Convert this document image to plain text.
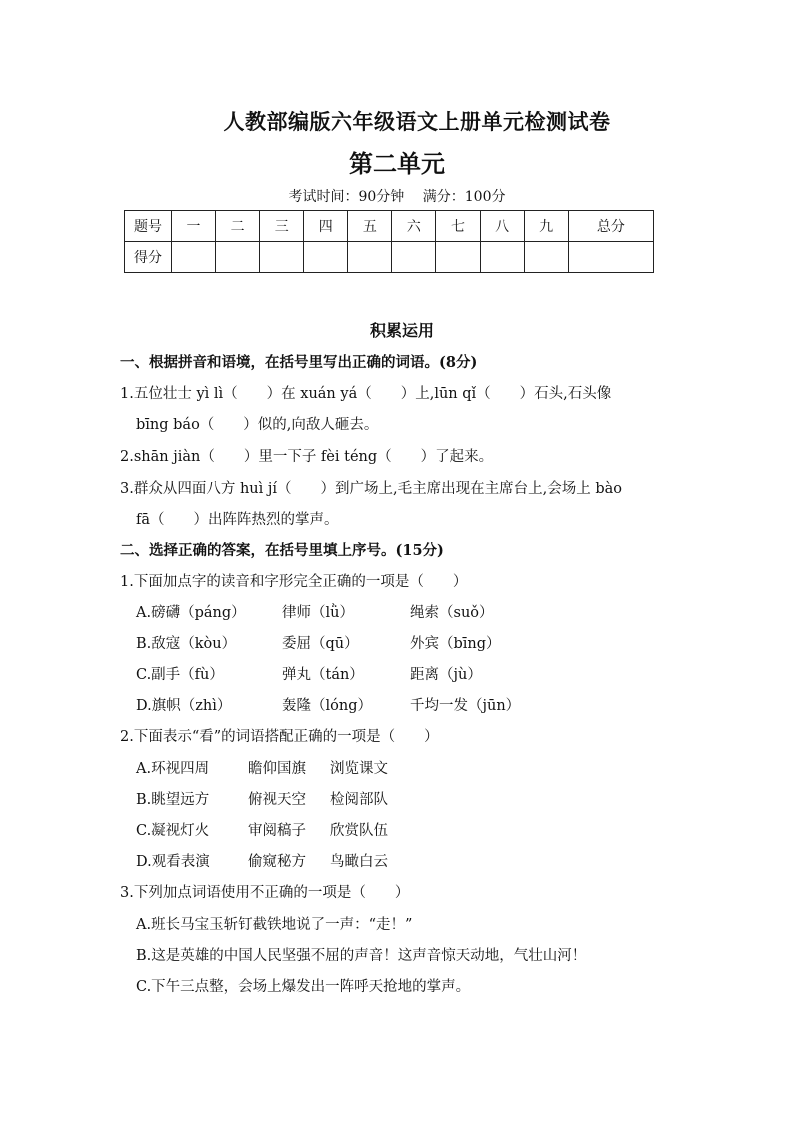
人教部编版六年级语文上册单元检测试卷
第二单元
考试时间：90分钟 满分：100分
题号	一	二	三	四	五	六	七	八	九	总分
得分										
积累运用
一、根据拼音和语境，在括号里写出正确的词语。(8分)
1.五位壮士 yì lì（　　）在 xuán yá（　　）上,lūn qǐ（　　）石头,石头像
bīng báo（　　）似的,向敌人砸去。
2.shān jiàn（　　）里一下子 fèi téng（　　）了起来。
3.群众从四面八方 huì jí（　　）到广场上,毛主席出现在主席台上,会场上 bào
fā（　　）出阵阵热烈的掌声。
二、选择正确的答案，在括号里填上序号。(15分)
1.下面加点字的读音和字形完全正确的一项是（　　）
A.磅礴（páng）	律师（lǜ）	绳索（suǒ）
B.敌寇（kòu）	委屈（qū）	外宾（bīng）
C.副手（fù）	弹丸（tán）	距离（jù）
D.旗帜（zhì）	轰隆（lóng）	千均一发（jūn）
2.下面表示“看”的词语搭配正确的一项是（　　）
A.环视四周	瞻仰国旗 浏览课文
B.眺望远方	俯视天空 检阅部队
C.凝视灯火	审阅稿子 欣赏队伍
D.观看表演	偷窥秘方 鸟瞰白云
3.下列加点词语使用不正确的一项是（　　）
A.班长马宝玉斩钉截铁地说了一声：“走！”
B.这是英雄的中国人民坚强不屈的声音！这声音惊天动地，气壮山河！
C.下午三点整，会场上爆发出一阵呼天抢地的掌声。
